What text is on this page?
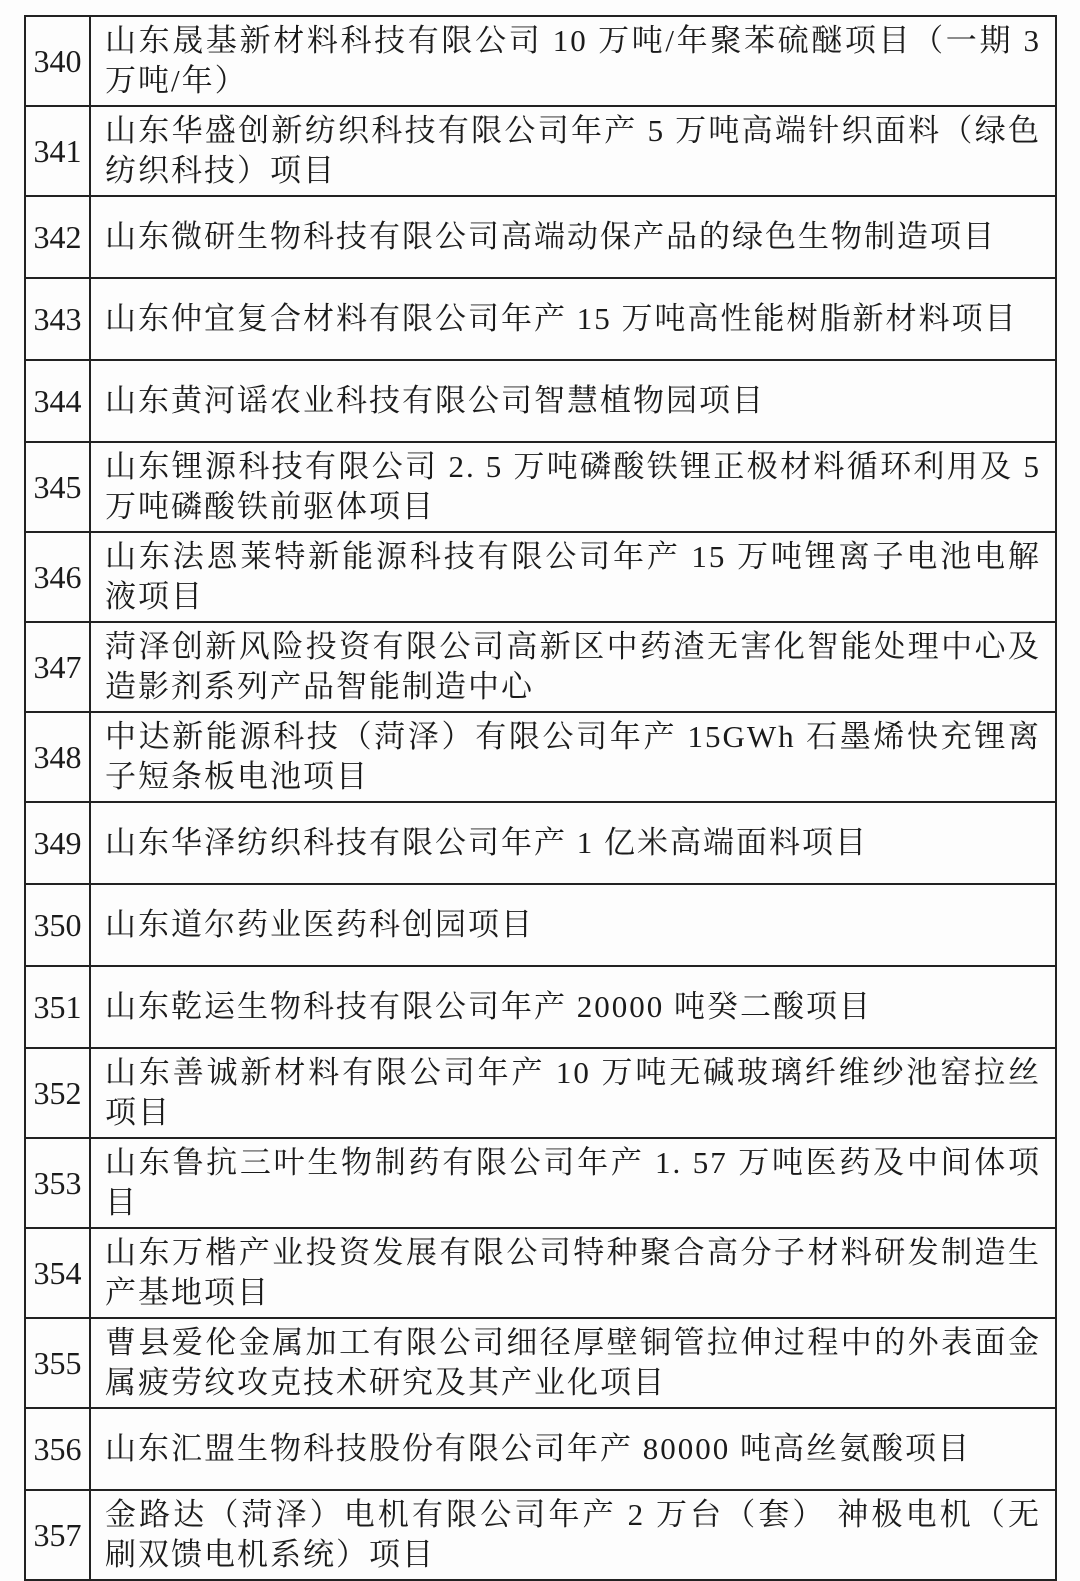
340	山东晟基新材料科技有限公司 10 万吨/年聚苯硫醚项目（一期 3 万吨/年）
341	山东华盛创新纺织科技有限公司年产 5 万吨高端针织面料（绿色纺织科技）项目
342	山东微研生物科技有限公司高端动保产品的绿色生物制造项目
343	山东仲宜复合材料有限公司年产 15 万吨高性能树脂新材料项目
344	山东黄河谣农业科技有限公司智慧植物园项目
345	山东锂源科技有限公司 2. 5 万吨磷酸铁锂正极材料循环利用及 5 万吨磷酸铁前驱体项目
346	山东法恩莱特新能源科技有限公司年产 15 万吨锂离子电池电解液项目
347	菏泽创新风险投资有限公司高新区中药渣无害化智能处理中心及造影剂系列产品智能制造中心
348	中达新能源科技（菏泽）有限公司年产 15GWh 石墨烯快充锂离子短条板电池项目
349	山东华泽纺织科技有限公司年产 1 亿米高端面料项目
350	山东道尔药业医药科创园项目
351	山东乾运生物科技有限公司年产 20000 吨癸二酸项目
352	山东善诚新材料有限公司年产 10 万吨无碱玻璃纤维纱池窑拉丝项目
353	山东鲁抗三叶生物制药有限公司年产 1. 57 万吨医药及中间体项目
354	山东万楷产业投资发展有限公司特种聚合高分子材料研发制造生产基地项目
355	曹县爱伦金属加工有限公司细径厚壁铜管拉伸过程中的外表面金属疲劳纹攻克技术研究及其产业化项目
356	山东汇盟生物科技股份有限公司年产 80000 吨高丝氨酸项目
357	金路达（菏泽）电机有限公司年产 2 万台（套） 神极电机（无刷双馈电机系统）项目
